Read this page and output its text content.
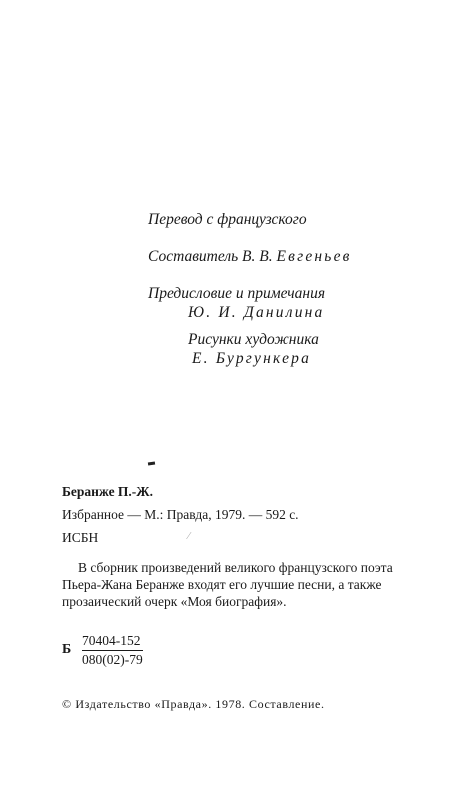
Перевод с французского
Составитель В. В. Евгеньев
Предисловие и примечания
Ю. И. Данилина
Рисунки художника
Е. Бургункера
Беранже П.-Ж.
Избранное — М.: Правда, 1979. — 592 с.
ИСБН	⁄
В сборник произведений великого французского поэта
Пьера-Жана Беранже входят его лучшие песни, а также
прозаический очерк «Моя биография».
Б
70404-152
080(02)-79
© Издательство «Правда». 1978. Составление.
